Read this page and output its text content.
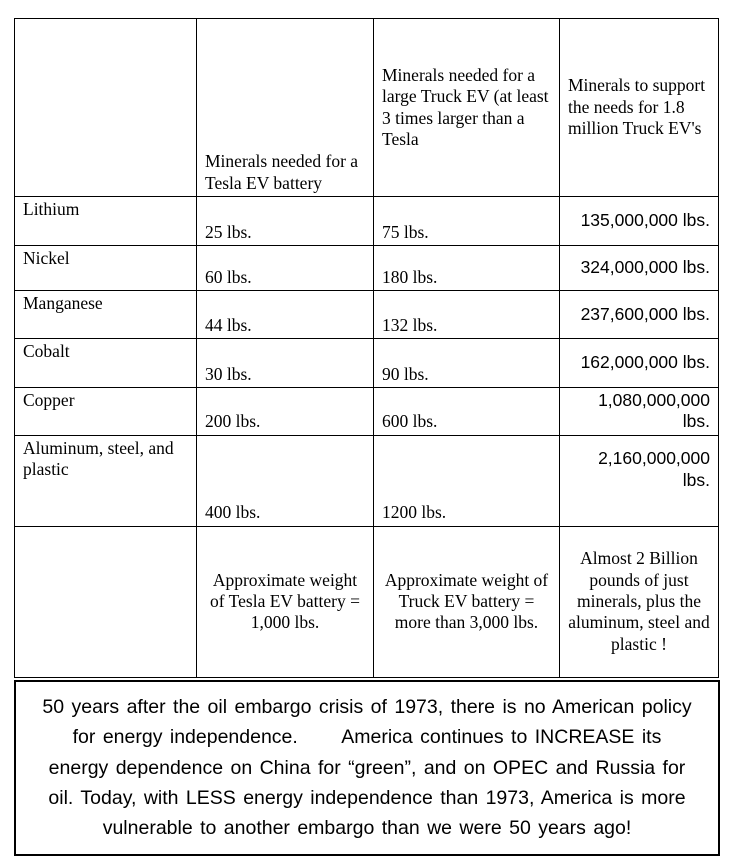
	Minerals needed for a Tesla EV battery	Minerals needed for a large Truck EV (at least 3 times larger than a Tesla	Minerals to support the needs for 1.8 million Truck EV's
Lithium	25 lbs.	75 lbs.	135,000,000 lbs.
Nickel	60 lbs.	180 lbs.	324,000,000 lbs.
Manganese	44 lbs.	132 lbs.	237,600,000 lbs.
Cobalt	30 lbs.	90 lbs.	162,000,000 lbs.
Copper	200 lbs.	600 lbs.	1,080,000,000 lbs.
Aluminum, steel, and plastic	400 lbs.	1200 lbs.	2,160,000,000 lbs.
	Approximate weight of Tesla EV battery = 1,000 lbs.	Approximate weight of Truck EV battery = more than 3,000 lbs.	Almost 2 Billion pounds of just minerals, plus the aluminum, steel and plastic !

50 years after the oil embargo crisis of 1973, there is no American policy for energy independence.      America continues to INCREASE its energy dependence on China for “green”, and on OPEC and Russia for oil. Today, with LESS energy independence than 1973, America is more vulnerable to another embargo than we were 50 years ago!
